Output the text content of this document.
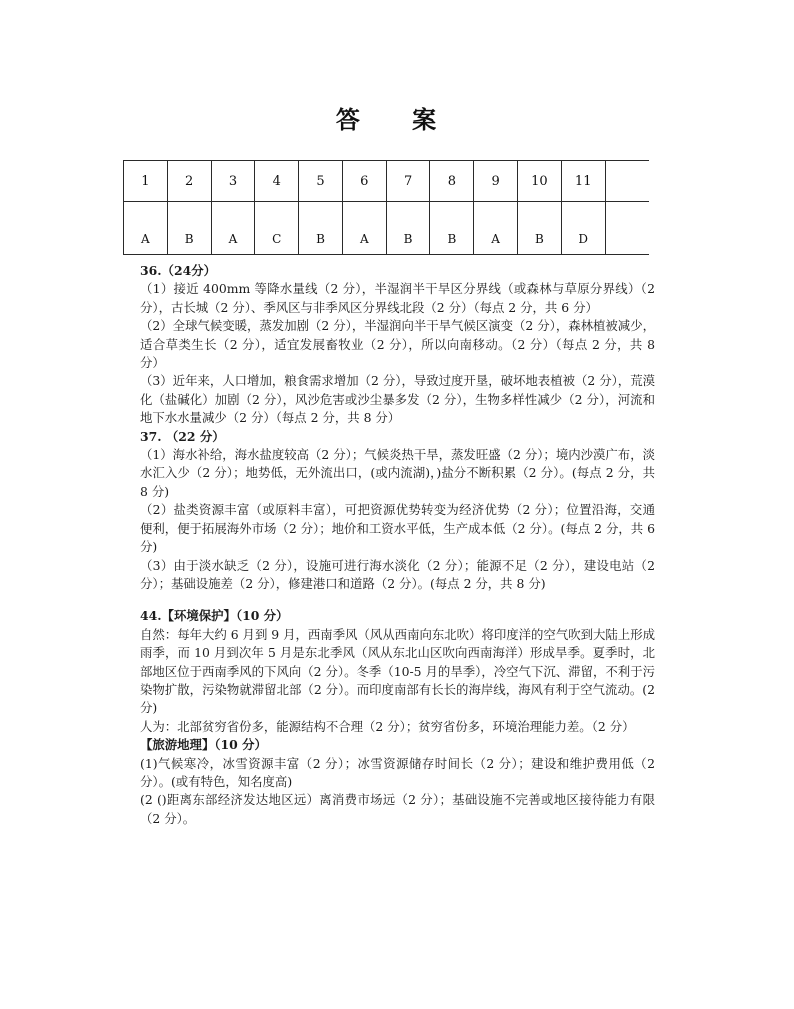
答 案
1	2	3	4	5	6	7	8	9	10	11	
A	B	A	C	B	A	B	B	A	B	D	

36.（24分）

（1）接近 400mm 等降水量线（2 分），半湿润半干旱区分界线（或森林与草原分界线）（2 分），古长城（2 分）、季风区与非季风区分界线北段（2 分）（每点 2 分，共 6 分）

（2）全球气候变暖，蒸发加剧（2 分），半湿润向半干旱气候区演变（2 分），森林植被减少，适合草类生长（2 分），适宜发展畜牧业（2 分），所以向南移动。（2 分）（每点 2 分，共 8 分）

（3）近年来，人口增加，粮食需求增加（2 分），导致过度开垦，破坏地表植被（2 分），荒漠化（盐碱化）加剧（2 分），风沙危害或沙尘暴多发（2 分），生物多样性减少（2 分），河流和地下水水量减少（2 分）（每点 2 分，共 8 分）

37. （22 分）

（1）海水补给，海水盐度较高（2 分）；气候炎热干旱，蒸发旺盛（2 分）；境内沙漠广布，淡水汇入少（2 分）；地势低，无外流出口，(或内流湖)，)盐分不断积累（2 分）。(每点 2 分，共 8 分)

（2）盐类资源丰富（或原料丰富），可把资源优势转变为经济优势（2 分）；位置沿海，交通便利，便于拓展海外市场（2 分）；地价和工资水平低，生产成本低（2 分）。(每点 2 分，共 6 分)

（3）由于淡水缺乏（2 分），设施可进行海水淡化（2 分）；能源不足（2 分），建设电站（2 分）；基础设施差（2 分），修建港口和道路（2 分）。(每点 2 分，共 8 分)

44.【环境保护】（10 分）

自然：每年大约 6 月到 9 月，西南季风（风从西南向东北吹）将印度洋的空气吹到大陆上形成雨季，而 10 月到次年 5 月是东北季风（风从东北山区吹向西南海洋）形成旱季。夏季时，北部地区位于西南季风的下风向（2 分）。冬季（10-5 月的旱季），冷空气下沉、滞留，不利于污染物扩散，污染物就滞留北部（2 分）。而印度南部有长长的海岸线，海风有利于空气流动。(2 分)

人为：北部贫穷省份多，能源结构不合理（2 分）；贫穷省份多，环境治理能力差。（2 分）

【旅游地理】（10 分）

(1)气候寒冷，冰雪资源丰富（2 分）；冰雪资源储存时间长（2 分）；建设和维护费用低（2 分）。(或有特色，知名度高)

(2 ()距离东部经济发达地区远）离消费市场远（2 分）；基础设施不完善或地区接待能力有限（2 分）。
